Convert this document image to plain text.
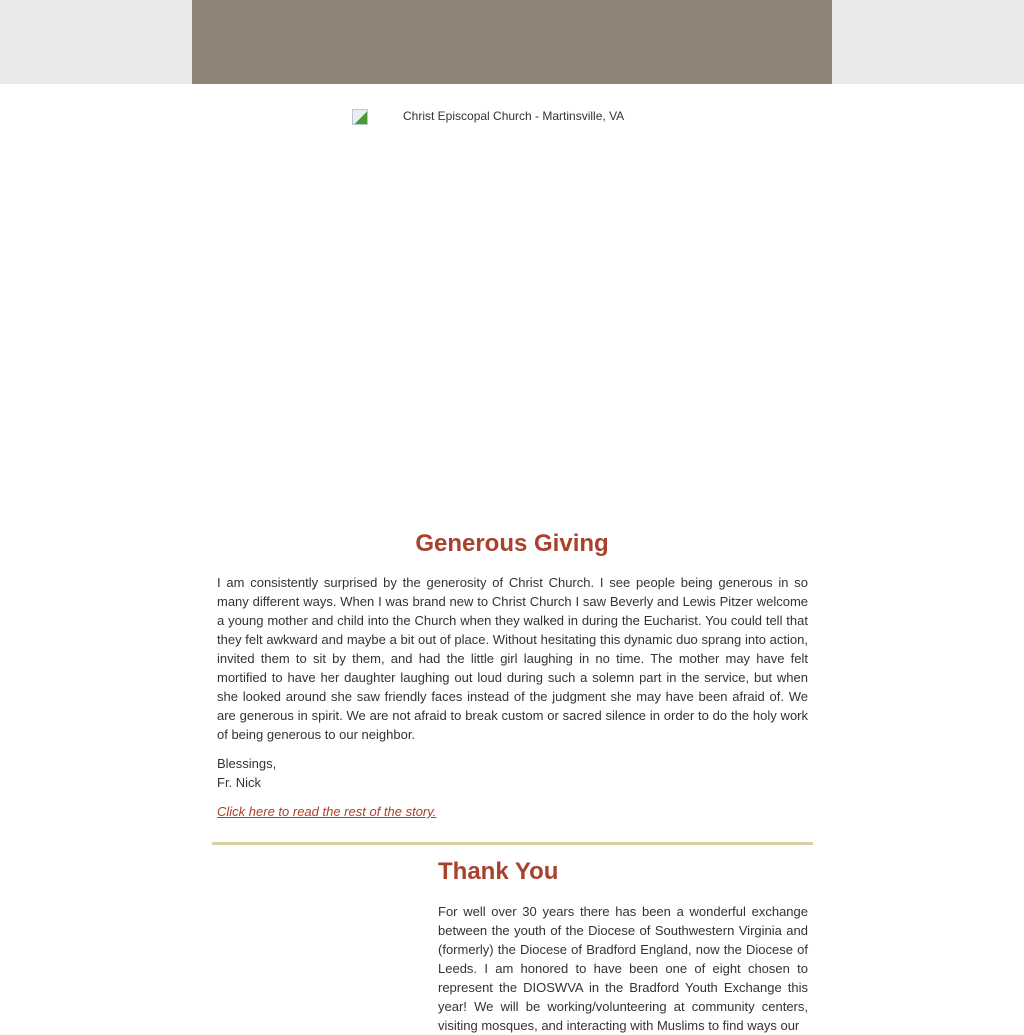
Christ Episcopal Church - Martinsville, VA
Generous Giving

I am consistently surprised by the generosity of Christ Church. I see people being generous in so many different ways. When I was brand new to Christ Church I saw Beverly and Lewis Pitzer welcome a young mother and child into the Church when they walked in during the Eucharist. You could tell that they felt awkward and maybe a bit out of place. Without hesitating this dynamic duo sprang into action, invited them to sit by them, and had the little girl laughing in no time. The mother may have felt mortified to have her daughter laughing out loud during such a solemn part in the service, but when she looked around she saw friendly faces instead of the judgment she may have been afraid of. We are generous in spirit. We are not afraid to break custom or sacred silence in order to do the holy work of being generous to our neighbor.

Blessings,
Fr. Nick
Click here to read the rest of the story.
Thank You

For well over 30 years there has been a wonderful exchange between the youth of the Diocese of Southwestern Virginia and (formerly) the Diocese of Bradford England, now the Diocese of Leeds. I am honored to have been one of eight chosen to represent the DIOSWVA in the Bradford Youth Exchange this year! We will be working/volunteering at community centers, visiting mosques, and interacting with Muslims to find ways our
